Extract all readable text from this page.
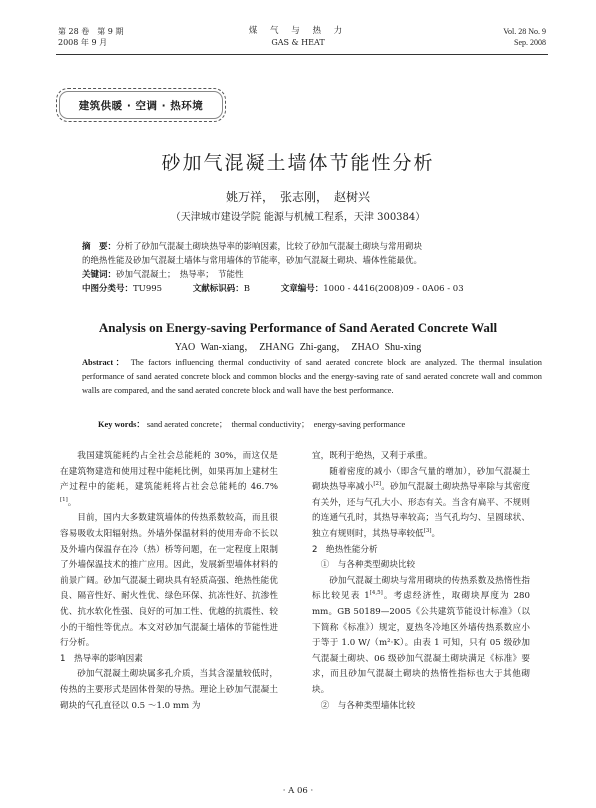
第 28 卷　第 9 期
2008 年 9 月
煤 气 与 热 力
GAS & HEAT
Vol. 28 No. 9
Sep. 2008
建筑供暖 · 空调 · 热环境
砂加气混凝土墙体节能性分析
姚万祥，　张志刚，　赵树兴
（天津城市建设学院 能源与机械工程系，天津 300384）
摘　要：分析了砂加气混凝土砌块热导率的影响因素，比较了砂加气混凝土砌块与常用砌块
的绝热性能及砂加气混凝土墙体与常用墙体的节能率，砂加气混凝土砌块、墙体性能最优。
关键词：砂加气混凝土；　热导率；　节能性
中图分类号：TU995	文献标识码：B	文章编号：1000 - 4416(2008)09 - 0A06 - 03
Analysis on Energy-saving Performance of Sand Aerated Concrete Wall
YAO Wan-xiang，　ZHANG Zhi-gang，　ZHAO Shu-xing
Abstract： The factors influencing thermal conductivity of sand aerated concrete block are analyzed. The thermal insulation performance of sand aerated concrete block and common blocks and the energy-saving rate of sand aerated concrete wall and common walls are compared, and the sand aerated concrete block and wall have the best performance.
Key words： sand aerated concrete；　thermal conductivity；　energy-saving performance

我国建筑能耗约占全社会总能耗的 30%，而这仅是在建筑物建造和使用过程中能耗比例，如果再加上建材生产过程中的能耗，建筑能耗将占社会总能耗的 46.7%[1]。

目前，国内大多数建筑墙体的传热系数较高，而且很容易吸收太阳辐射热。外墙外保温材料的使用寿命不长以及外墙内保温存在冷（热）桥等问题，在一定程度上限制了外墙保温技术的推广应用。因此，发展新型墙体材料的前景广阔。砂加气混凝土砌块具有轻质高强、绝热性能优良、隔音性好、耐火性优、绿色环保、抗冻性好、抗渗性优、抗水软化性强、良好的可加工性、优越的抗震性、较小的干缩性等优点。本文对砂加气混凝土墙体的节能性进行分析。

1　热导率的影响因素

砂加气混凝土砌块属多孔介质，当其含湿量较低时，传热的主要形式是固体骨架的导热。理论上砂加气混凝土砌块的气孔直径以 0.5 ～1.0 mm 为

宜，既利于绝热，又利于承重。

随着密度的减小（即含气量的增加），砂加气混凝土砌块热导率减小[2]。砂加气混凝土砌块热导率除与其密度有关外，还与气孔大小、形态有关。当含有扁平、不规则的连通气孔时，其热导率较高；当气孔均匀、呈圆球状、独立有规则时，其热导率较低[3]。

2　绝热性能分析

①　与各种类型砌块比较

砂加气混凝土砌块与常用砌块的传热系数及热惰性指标比较见表 1[4,5]。考虑经济性，取砌块厚度为 280 mm。GB 50189—2005《公共建筑节能设计标准》（以下简称《标准》）规定，夏热冬冷地区外墙传热系数应小于等于 1.0 W/（m²·K）。由表 1 可知，只有 05 级砂加气混凝土砌块、06 级砂加气混凝土砌块满足《标准》要求，而且砂加气混凝土砌块的热惰性指标也大于其他砌块。

②　与各种类型墙体比较

· A 06 ·
